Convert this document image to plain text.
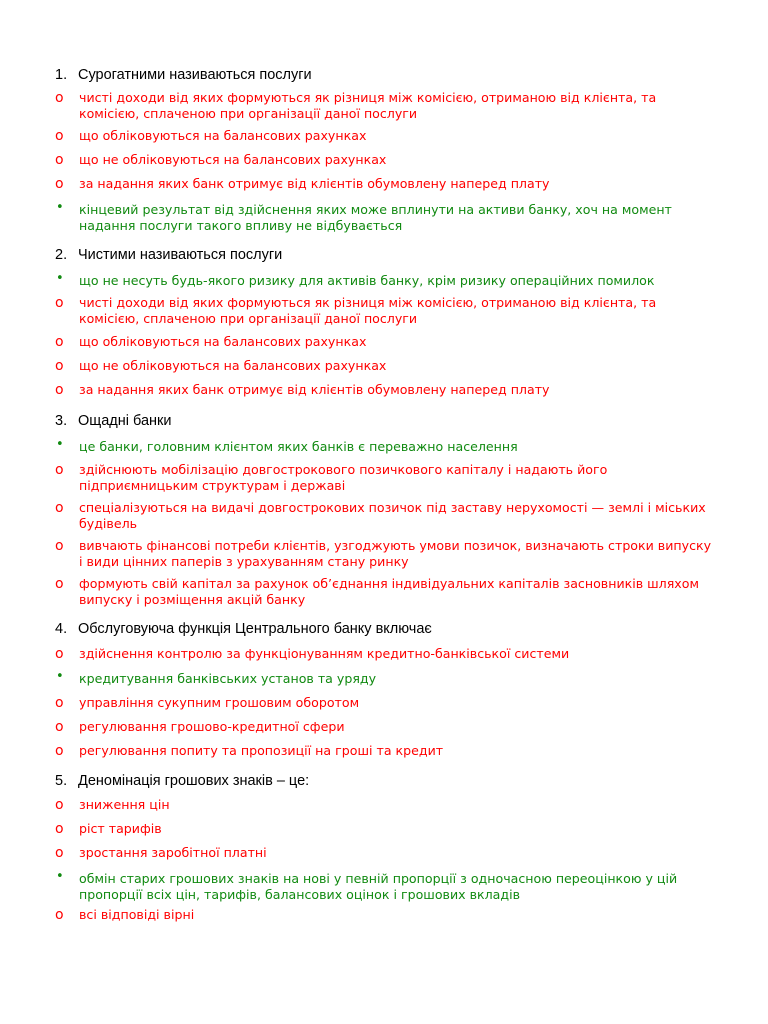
1. Сурогатними називаються послуги
o	чисті доходи від яких формуються як різниця між комісією, отриманою від клієнта, та комісією, сплаченою при організації даної послуги
o	що обліковуються на балансових рахунках
o	що не обліковуються на балансових рахунках
o	за надання яких банк отримує від клієнтів обумовлену наперед плату
•	кінцевий результат від здійснення яких може вплинути на активи банку, хоч на момент надання послуги такого впливу не відбувається
2. Чистими називаються послуги
•	що не несуть будь-якого ризику для активів банку, крім ризику операційних помилок
o	чисті доходи від яких формуються як різниця між комісією, отриманою від клієнта, та комісією, сплаченою при організації даної послуги
o	що обліковуються на балансових рахунках
o	що не обліковуються на балансових рахунках
o	за надання яких банк отримує від клієнтів обумовлену наперед плату
3. Ощадні банки
•	це банки, головним клієнтом яких банків є переважно населення
o	здійснюють мобілізацію довгострокового позичкового капіталу і надають його підприємницьким структурам і державі
o	спеціалізуються на видачі довгострокових позичок під заставу нерухомості — землі і міських будівель
o	вивчають фінансові потреби клієнтів, узгоджують умови позичок, визначають строки випуску і види цінних паперів з урахуванням стану ринку
o	формують свій капітал за рахунок об’єднання індивідуальних капіталів засновників шляхом випуску і розміщення акцій банку
4. Обслуговуюча функція Центрального банку включає
o	здійснення контролю за функціонуванням кредитно-банківської системи
•	кредитування банківських установ та уряду
o	управління сукупним грошовим оборотом
o	регулювання грошово-кредитної сфери
o	регулювання попиту та пропозиції на гроші та кредит
5. Деномінація грошових знаків – це:
o	зниження цін
o	ріст тарифів
o	зростання заробітної платні
•	обмін старих грошових знаків на нові у певній пропорції з одночасною переоцінкою у цій пропорції всіх цін, тарифів, балансових оцінок і грошових вкладів
o	всі відповіді вірні
